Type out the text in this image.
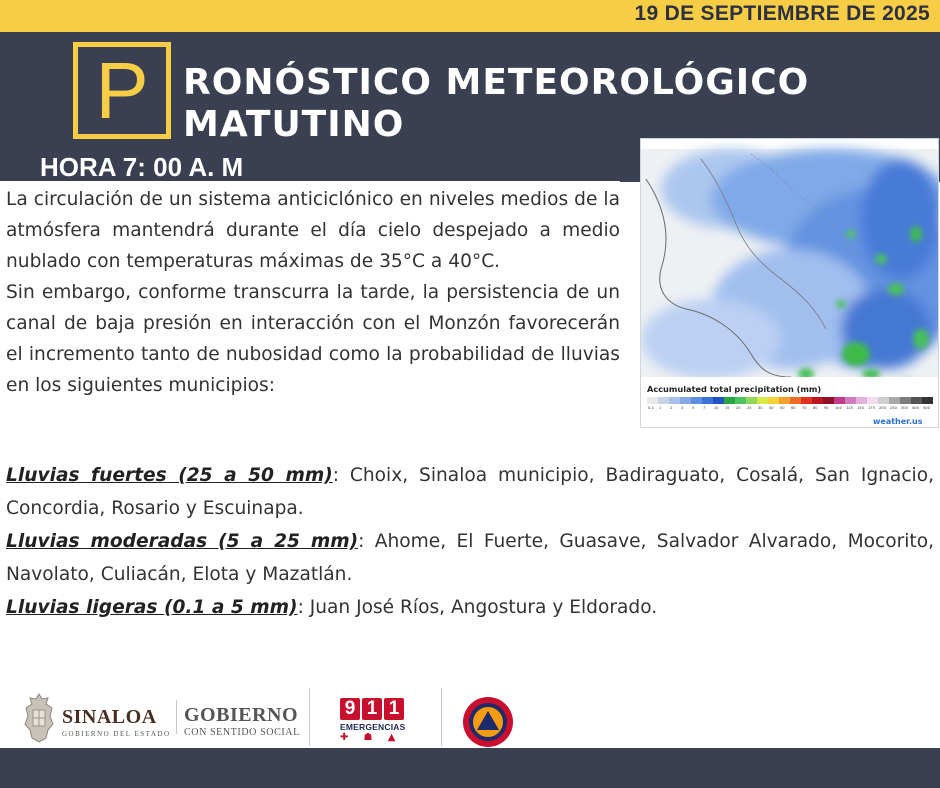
19 DE SEPTIEMBRE DE 2025
P RONÓSTICO METEOROLÓGICO
MATUTINO
HORA 7: 00 A. M
.
Accumulated total precipitation (mm)
0.1 1 2 3 5 7 10 15 20 25 30 40 50 60 70 80 90 100 125 150 175 200 250 300 400 500
weather.us

La circulación de un sistema anticiclónico en niveles medios de la atmósfera mantendrá durante el día cielo despejado a medio nublado con temperaturas máximas de 35°C a 40°C.

Sin embargo, conforme transcurra la tarde, la persistencia de un canal de baja presión en interacción con el Monzón favorecerán el incremento tanto de nubosidad como la probabilidad de lluvias en los siguientes municipios:

Lluvias fuertes (25 a 50 mm): Choix, Sinaloa municipio, Badiraguato, Cosalá, San Ignacio, Concordia, Rosario y Escuinapa.
Lluvias moderadas (5 a 25 mm): Ahome, El Fuerte, Guasave, Salvador Alvarado, Mocorito, Navolato, Culiacán, Elota y Mazatlán.
Lluvias ligeras (0.1 a 5 mm): Juan José Ríos, Angostura y Eldorado.
SINALOA
GOBIERNO DEL ESTADO
GOBIERNO
CON SENTIDO SOCIAL
9 1 1
EMERGENCIAS
✚ ☗ ▲
